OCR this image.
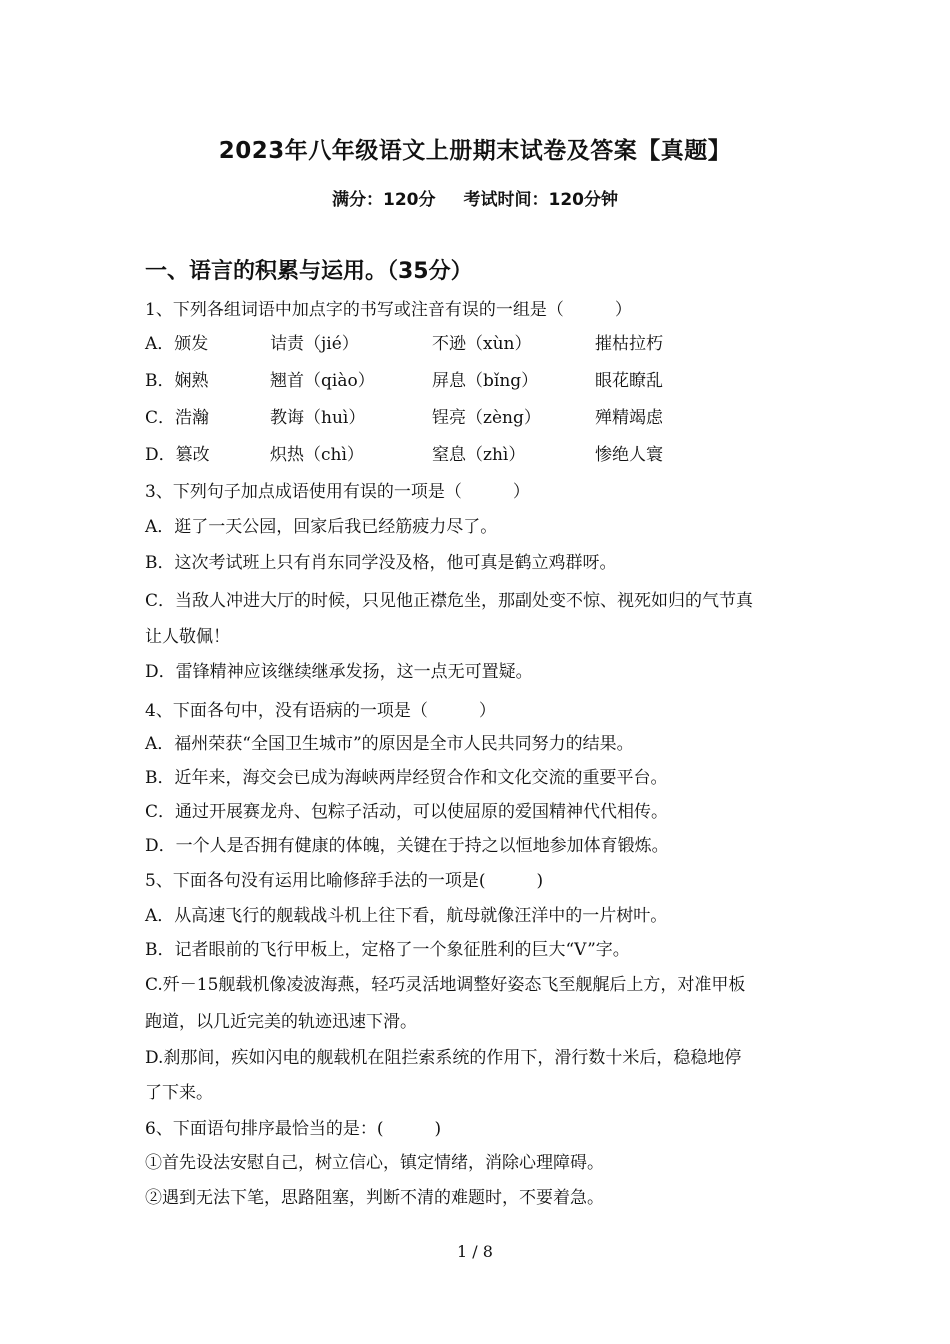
2023年八年级语文上册期末试卷及答案【真题】
满分：120分 考试时间：120分钟
一、语言的积累与运用。（35分）
1、下列各组词语中加点字的书写或注音有误的一组是（　　　）
A．颁发	诘责（jié）	不逊（xùn）	摧枯拉朽
B．娴熟	翘首（qiào）	屏息（bǐng）	眼花瞭乱
C．浩瀚	教诲（huì）	锃亮（zèng）	殚精竭虑
D．篡改	炽热（chì）	窒息（zhì）	惨绝人寰
3、下列句子加点成语使用有误的一项是（　　　）
A．逛了一天公园，回家后我已经筋疲力尽了。
B．这次考试班上只有肖东同学没及格，他可真是鹤立鸡群呀。
C．当敌人冲进大厅的时候，只见他正襟危坐，那副处变不惊、视死如归的气节真
让人敬佩！
D．雷锋精神应该继续继承发扬，这一点无可置疑。
4、下面各句中，没有语病的一项是（　　　）
A．福州荣获“全国卫生城市”的原因是全市人民共同努力的结果。
B．近年来，海交会已成为海峡两岸经贸合作和文化交流的重要平台。
C．通过开展赛龙舟、包粽子活动，可以使屈原的爱国精神代代相传。
D．一个人是否拥有健康的体魄，关键在于持之以恒地参加体育锻炼。
5、下面各句没有运用比喻修辞手法的一项是(　　　)
A．从高速飞行的舰载战斗机上往下看，航母就像汪洋中的一片树叶。
B．记者眼前的飞行甲板上，定格了一个象征胜利的巨大“V”字。
C.歼－15舰载机像凌波海燕，轻巧灵活地调整好姿态飞至舰艉后上方，对准甲板
跑道，以几近完美的轨迹迅速下滑。
D.刹那间，疾如闪电的舰载机在阻拦索系统的作用下，滑行数十米后，稳稳地停
了下来。
6、下面语句排序最恰当的是：(　　　)
①首先设法安慰自己，树立信心，镇定情绪，消除心理障碍。
②遇到无法下笔，思路阻塞，判断不清的难题时，不要着急。
1 / 8
